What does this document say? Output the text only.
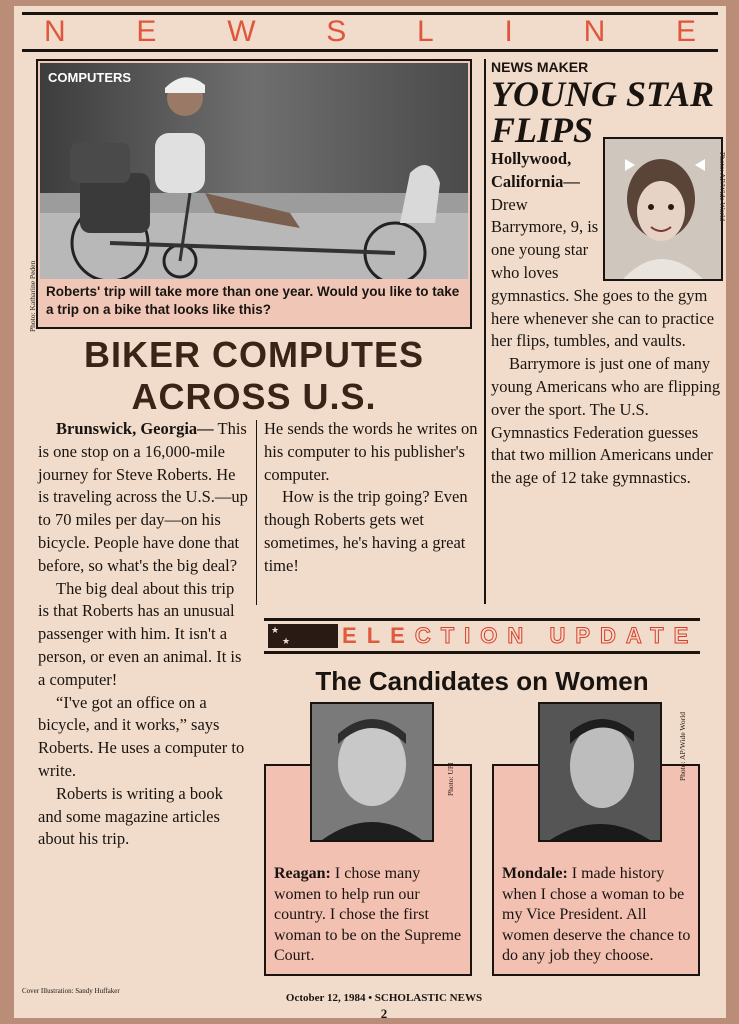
N E W S L I N E
COMPUTERS
Roberts' trip will take more than one year. Would you like to take a trip on a bike that looks like this?
Photo: Katharine Peden
BIKER COMPUTES
ACROSS U.S.

Brunswick, Georgia— This is one stop on a 16,000-mile journey for Steve Roberts. He is traveling across the U.S.—up to 70 miles per day—on his bicycle. People have done that before, so what's the big deal?

The big deal about this trip is that Roberts has an unusual passenger with him. It isn't a person, or even an animal. It is a computer!

“I've got an office on a bicycle, and it works,” says Roberts. He uses a computer to write.

Roberts is writing a book and some magazine articles about his trip.

He sends the words he writes on his computer to his publisher's computer.

How is the trip going? Even though Roberts gets wet sometimes, he's having a great time!

NEWS MAKER
YOUNG STAR
FLIPS
Photo: AP/Wide World
Hollywood,
California—

Drew Barrymore, 9, is one young star who loves gymnastics. She goes to the gym here whenever she can to practice her flips, tumbles, and vaults.

Barrymore is just one of many young Americans who are flipping over the sport. The U.S. Gymnastics Federation guesses that two million Americans under the age of 12 take gymnastics.

★
★ ELECTION UPDATE
The Candidates on Women
Reagan: I chose many women to help run our country. I chose the first woman to be on the Supreme Court.
Photo: UPI
Mondale: I made history when I chose a woman to be my Vice President. All women deserve the chance to do any job they choose.
Photo: AP/Wide World
Cover Illustration: Sandy Huffaker
October 12, 1984 • SCHOLASTIC NEWS
2
